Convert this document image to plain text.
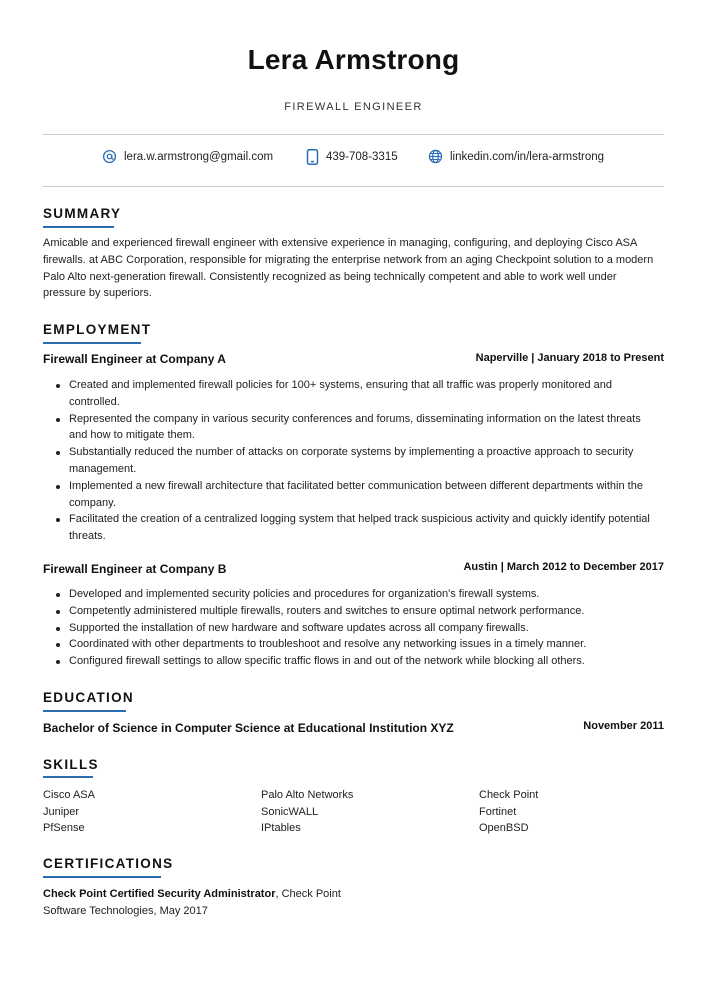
Lera Armstrong
FIREWALL ENGINEER
lera.w.armstrong@gmail.com	439-708-3315	linkedin.com/in/lera-armstrong
SUMMARY
Amicable and experienced firewall engineer with extensive experience in managing, configuring, and deploying Cisco ASA firewalls. at ABC Corporation, responsible for migrating the enterprise network from an aging Checkpoint solution to a modern Palo Alto next-generation firewall. Consistently recognized as being technically competent and able to work well under pressure by superiors.
EMPLOYMENT
Firewall Engineer at Company A	Naperville | January 2018 to Present
Created and implemented firewall policies for 100+ systems, ensuring that all traffic was properly monitored and controlled.
Represented the company in various security conferences and forums, disseminating information on the latest threats and how to mitigate them.
Substantially reduced the number of attacks on corporate systems by implementing a proactive approach to security management.
Implemented a new firewall architecture that facilitated better communication between different departments within the company.
Facilitated the creation of a centralized logging system that helped track suspicious activity and quickly identify potential threats.
Firewall Engineer at Company B	Austin | March 2012 to December 2017
Developed and implemented security policies and procedures for organization's firewall systems.
Competently administered multiple firewalls, routers and switches to ensure optimal network performance.
Supported the installation of new hardware and software updates across all company firewalls.
Coordinated with other departments to troubleshoot and resolve any networking issues in a timely manner.
Configured firewall settings to allow specific traffic flows in and out of the network while blocking all others.
EDUCATION
Bachelor of Science in Computer Science at Educational Institution XYZ	November 2011
SKILLS
Cisco ASA	Palo Alto Networks	Check Point
Juniper	SonicWALL	Fortinet
PfSense	IPtables	OpenBSD
CERTIFICATIONS
Check Point Certified Security Administrator, Check Point Software Technologies, May 2017
